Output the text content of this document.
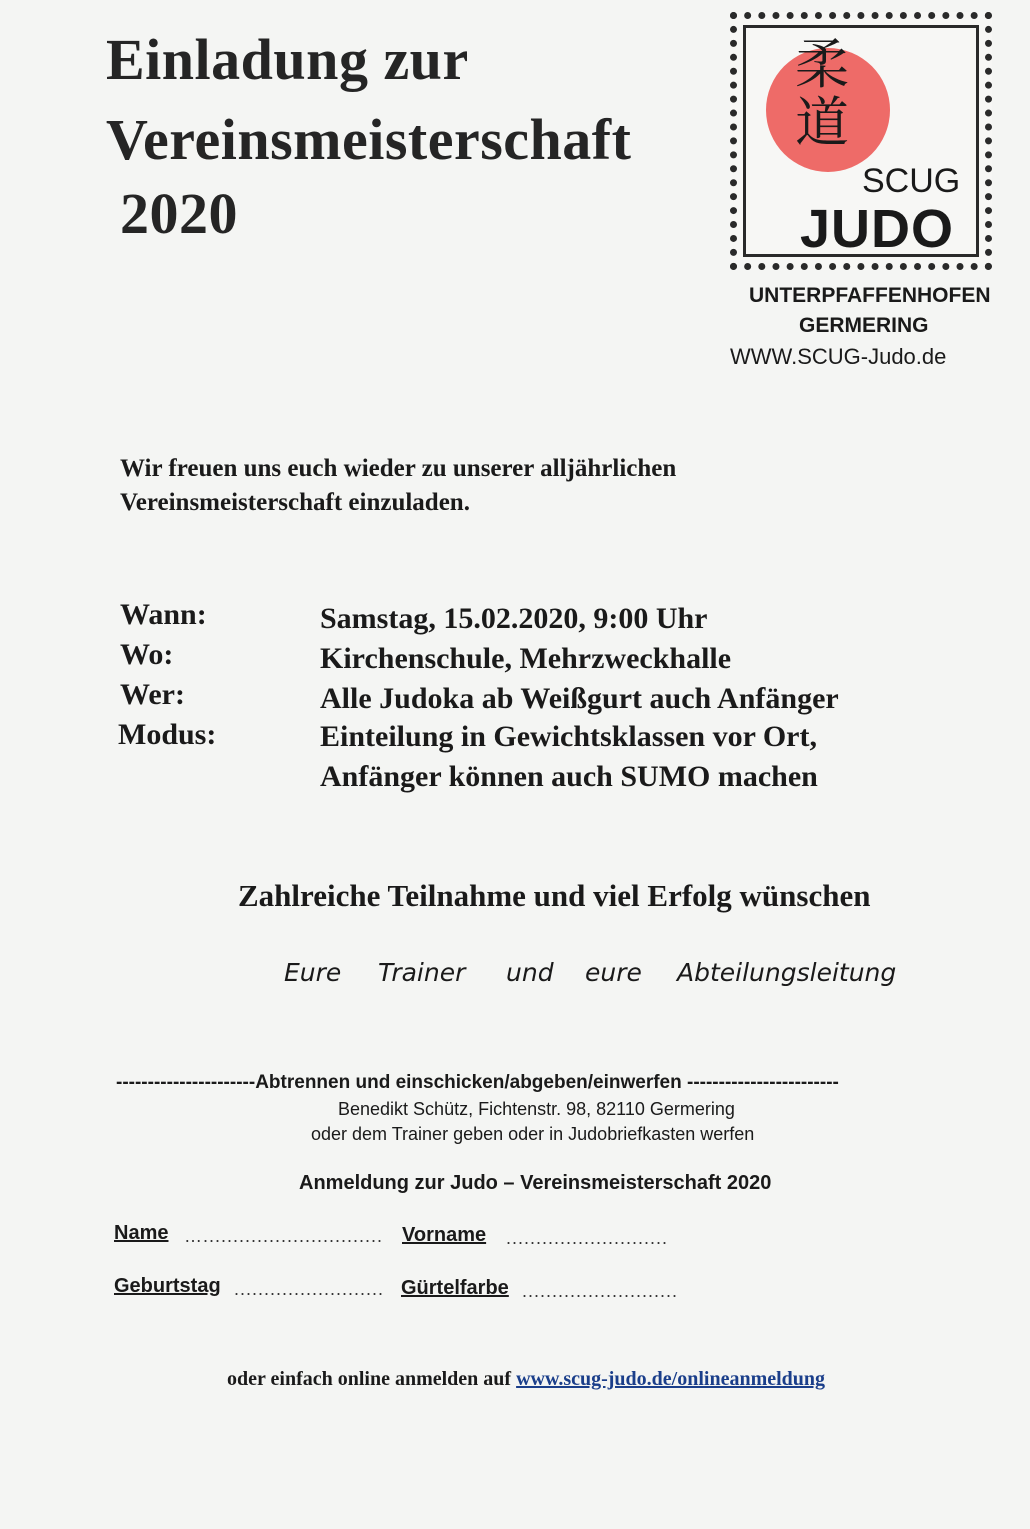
Einladung zur
Vereinsmeisterschaft
2020
柔道
SCUG
JUDO
UNTERPFAFFENHOFEN
GERMERING
WWW.SCUG-Judo.de
Wir freuen uns euch wieder zu unserer alljährlichen
Vereinsmeisterschaft einzuladen.
Wann:	Samstag, 15.02.2020, 9:00 Uhr
Wo:	Kirchenschule, Mehrzweckhalle
Wer:	Alle Judoka ab Weißgurt auch Anfänger
Modus:	Einteilung in Gewichtsklassen vor Ort,
Anfänger können auch SUMO machen
Zahlreiche Teilnahme und viel Erfolg wünschen
Eure Trainer und eure Abteilungsleitung
----------------------Abtrennen und einschicken/abgeben/einwerfen ------------------------
Benedikt Schütz, Fichtenstr. 98, 82110 Germering
oder dem Trainer geben oder in Judobriefkasten werfen
Anmeldung zur Judo – Vereinsmeisterschaft 2020
Name ….............................. Vorname ...........................
Geburtstag ......................... Gürtelfarbe ..........................
oder einfach online anmelden auf www.scug-judo.de/onlineanmeldung
